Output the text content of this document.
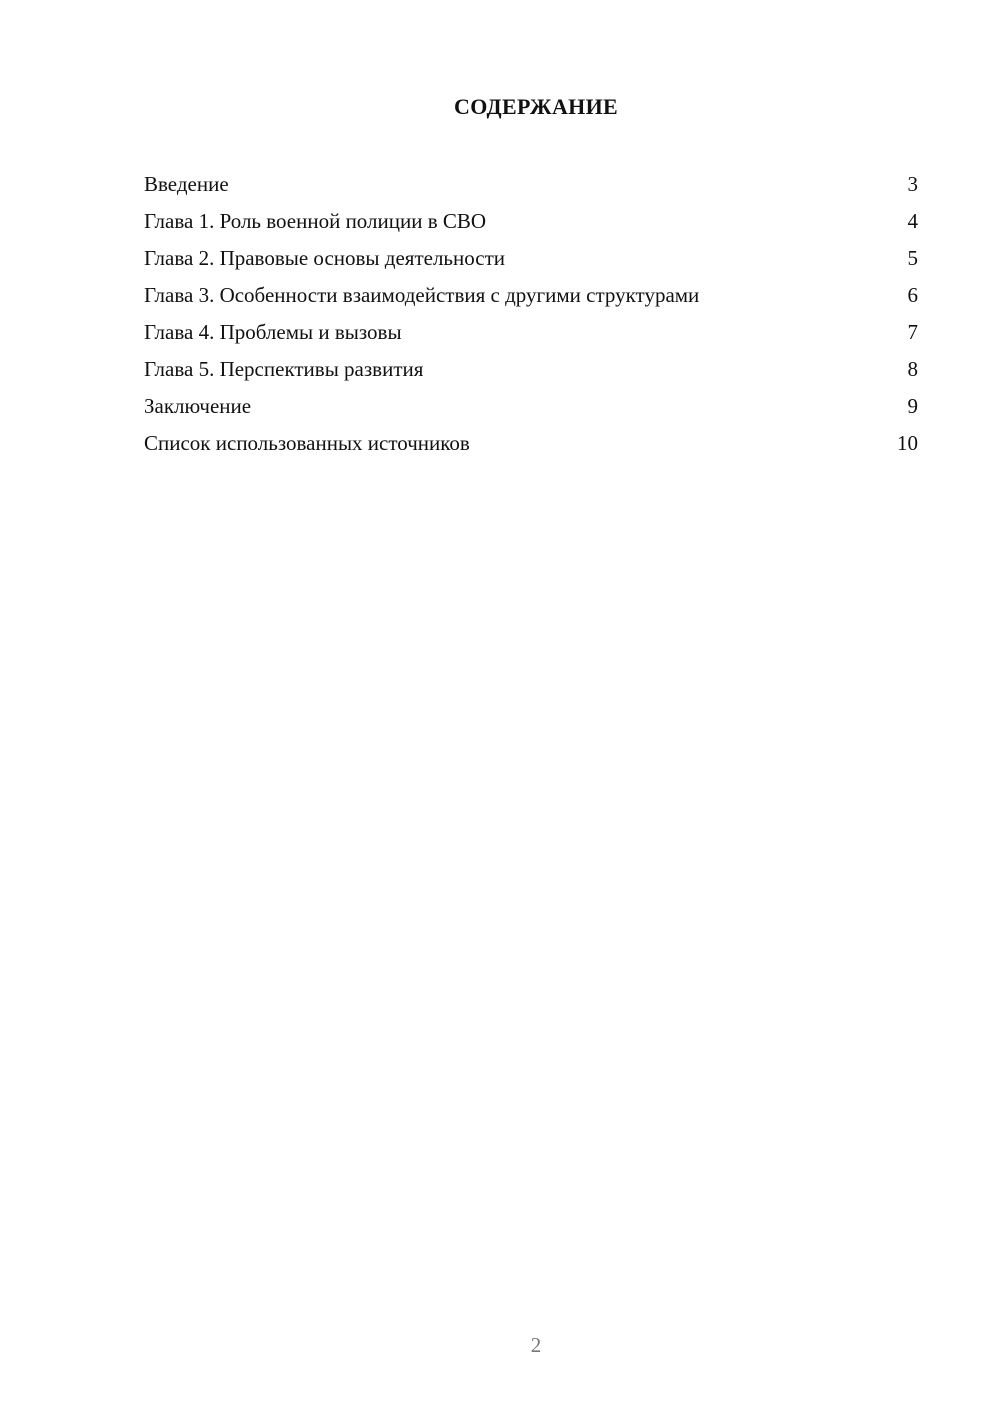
СОДЕРЖАНИЕ
Введение	3
Глава 1. Роль военной полиции в СВО	4
Глава 2. Правовые основы деятельности	5
Глава 3. Особенности взаимодействия с другими структурами	6
Глава 4. Проблемы и вызовы	7
Глава 5. Перспективы развития	8
Заключение	9
Список использованных источников	10
2
